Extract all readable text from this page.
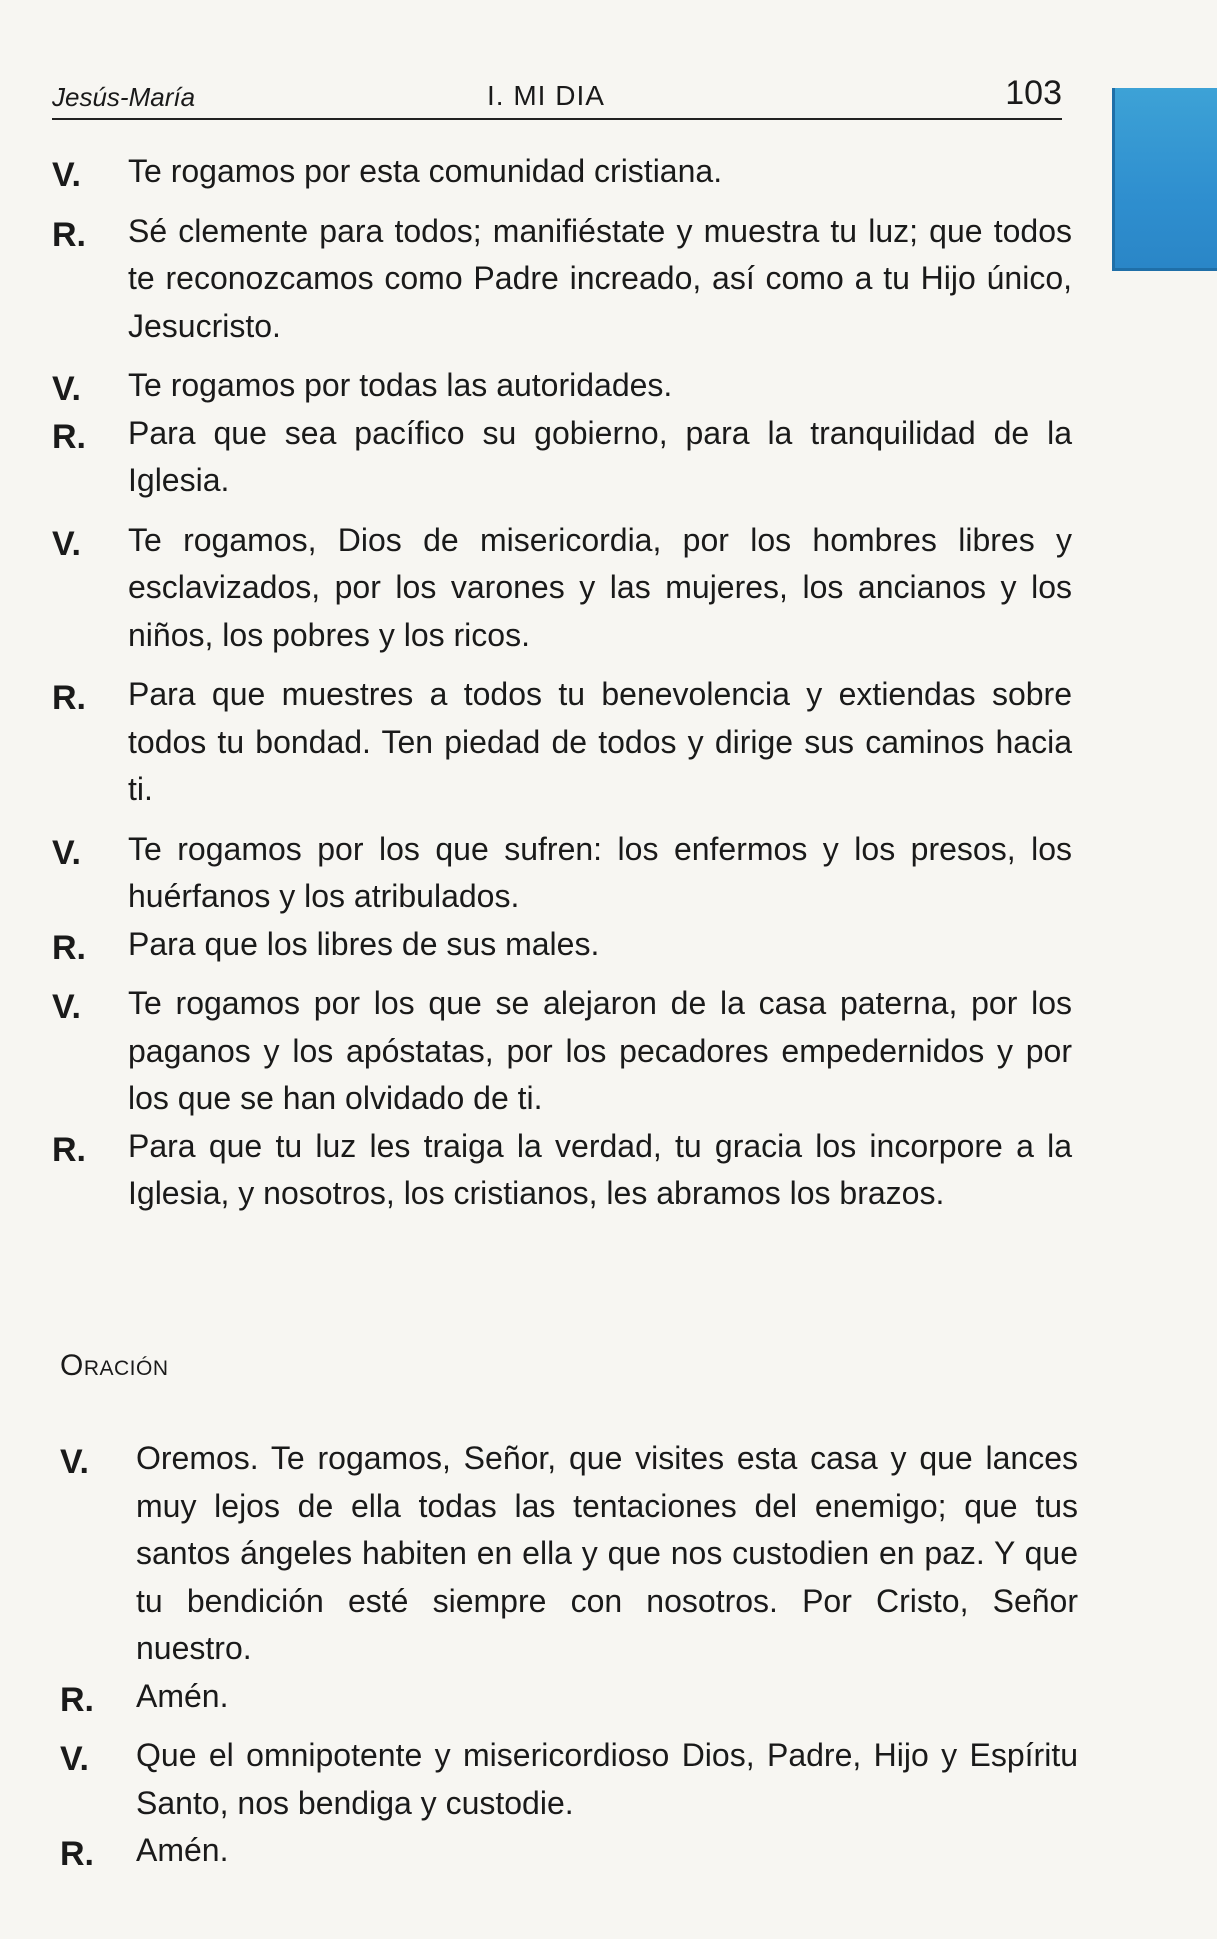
Jesús-María	I. MI DIA	103
V. Te rogamos por esta comunidad cristiana.
R. Sé clemente para todos; manifiéstate y muestra tu luz; que todos te reconozcamos como Padre increado, así como a tu Hijo único, Jesucristo.
V. Te rogamos por todas las autoridades.
R. Para que sea pacífico su gobierno, para la tranquilidad de la Iglesia.
V. Te rogamos, Dios de misericordia, por los hombres libres y esclavizados, por los varones y las mujeres, los ancianos y los niños, los pobres y los ricos.
R. Para que muestres a todos tu benevolencia y extiendas sobre todos tu bondad. Ten piedad de todos y dirige sus caminos hacia ti.
V. Te rogamos por los que sufren: los enfermos y los presos, los huérfanos y los atribulados.
R. Para que los libres de sus males.
V. Te rogamos por los que se alejaron de la casa paterna, por los paganos y los apóstatas, por los pecadores empedernidos y por los que se han olvidado de ti.
R. Para que tu luz les traiga la verdad, tu gracia los incorpore a la Iglesia, y nosotros, los cristianos, les abramos los brazos.
Oración
V. Oremos. Te rogamos, Señor, que visites esta casa y que lances muy lejos de ella todas las tentaciones del enemigo; que tus santos ángeles habiten en ella y que nos custodien en paz. Y que tu bendición esté siempre con nosotros. Por Cristo, Señor nuestro.
R. Amén.
V. Que el omnipotente y misericordioso Dios, Padre, Hijo y Espíritu Santo, nos bendiga y custodie.
R. Amén.
